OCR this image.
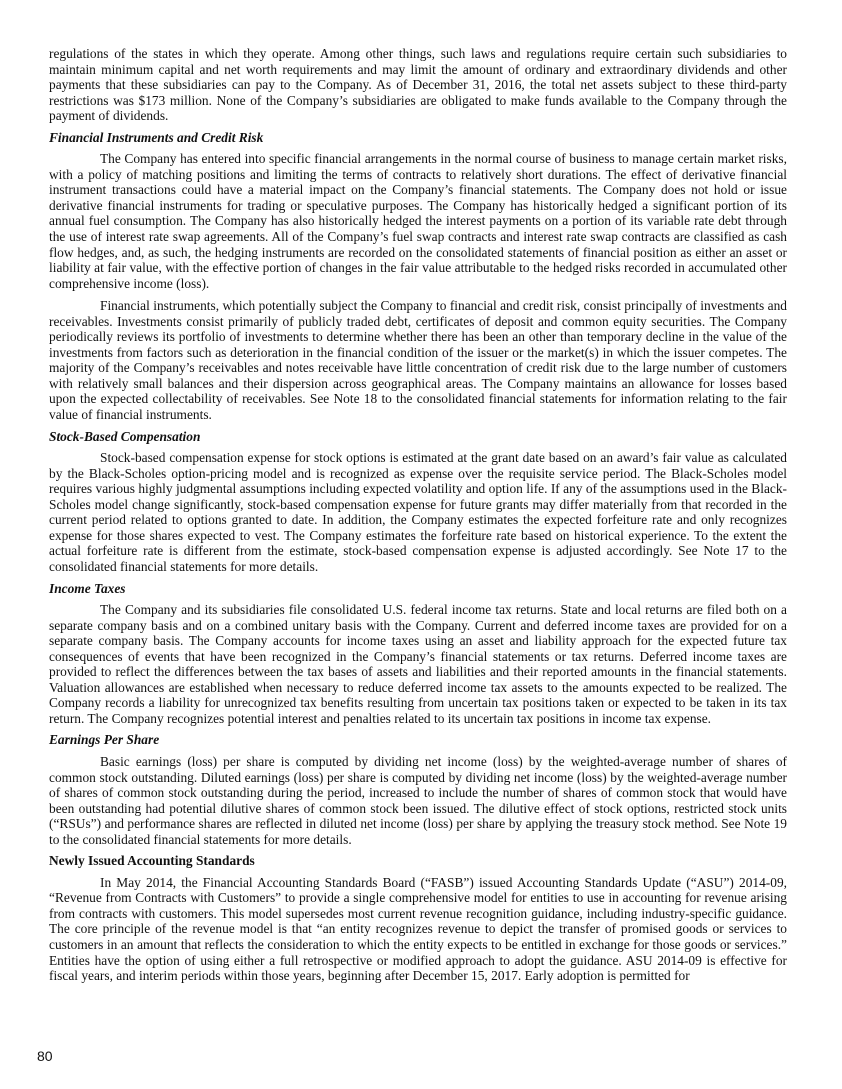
regulations of the states in which they operate. Among other things, such laws and regulations require certain such subsidiaries to maintain minimum capital and net worth requirements and may limit the amount of ordinary and extraordinary dividends and other payments that these subsidiaries can pay to the Company. As of December 31, 2016, the total net assets subject to these third-party restrictions was $173 million. None of the Company’s subsidiaries are obligated to make funds available to the Company through the payment of dividends.

Financial Instruments and Credit Risk

The Company has entered into specific financial arrangements in the normal course of business to manage certain market risks, with a policy of matching positions and limiting the terms of contracts to relatively short durations. The effect of derivative financial instrument transactions could have a material impact on the Company’s financial statements. The Company does not hold or issue derivative financial instruments for trading or speculative purposes. The Company has historically hedged a significant portion of its annual fuel consumption. The Company has also historically hedged the interest payments on a portion of its variable rate debt through the use of interest rate swap agreements. All of the Company’s fuel swap contracts and interest rate swap contracts are classified as cash flow hedges, and, as such, the hedging instruments are recorded on the consolidated statements of financial position as either an asset or liability at fair value, with the effective portion of changes in the fair value attributable to the hedged risks recorded in accumulated other comprehensive income (loss).

Financial instruments, which potentially subject the Company to financial and credit risk, consist principally of investments and receivables. Investments consist primarily of publicly traded debt, certificates of deposit and common equity securities. The Company periodically reviews its portfolio of investments to determine whether there has been an other than temporary decline in the value of the investments from factors such as deterioration in the financial condition of the issuer or the market(s) in which the issuer competes. The majority of the Company’s receivables and notes receivable have little concentration of credit risk due to the large number of customers with relatively small balances and their dispersion across geographical areas. The Company maintains an allowance for losses based upon the expected collectability of receivables. See Note 18 to the consolidated financial statements for information relating to the fair value of financial instruments.

Stock-Based Compensation

Stock-based compensation expense for stock options is estimated at the grant date based on an award’s fair value as calculated by the Black-Scholes option-pricing model and is recognized as expense over the requisite service period. The Black-Scholes model requires various highly judgmental assumptions including expected volatility and option life. If any of the assumptions used in the Black-Scholes model change significantly, stock-based compensation expense for future grants may differ materially from that recorded in the current period related to options granted to date. In addition, the Company estimates the expected forfeiture rate and only recognizes expense for those shares expected to vest. The Company estimates the forfeiture rate based on historical experience. To the extent the actual forfeiture rate is different from the estimate, stock-based compensation expense is adjusted accordingly. See Note 17 to the consolidated financial statements for more details.

Income Taxes

The Company and its subsidiaries file consolidated U.S. federal income tax returns. State and local returns are filed both on a separate company basis and on a combined unitary basis with the Company. Current and deferred income taxes are provided for on a separate company basis. The Company accounts for income taxes using an asset and liability approach for the expected future tax consequences of events that have been recognized in the Company’s financial statements or tax returns. Deferred income taxes are provided to reflect the differences between the tax bases of assets and liabilities and their reported amounts in the financial statements. Valuation allowances are established when necessary to reduce deferred income tax assets to the amounts expected to be realized. The Company records a liability for unrecognized tax benefits resulting from uncertain tax positions taken or expected to be taken in its tax return. The Company recognizes potential interest and penalties related to its uncertain tax positions in income tax expense.

Earnings Per Share

Basic earnings (loss) per share is computed by dividing net income (loss) by the weighted-average number of shares of common stock outstanding. Diluted earnings (loss) per share is computed by dividing net income (loss) by the weighted-average number of shares of common stock outstanding during the period, increased to include the number of shares of common stock that would have been outstanding had potential dilutive shares of common stock been issued. The dilutive effect of stock options, restricted stock units (“RSUs”) and performance shares are reflected in diluted net income (loss) per share by applying the treasury stock method. See Note 19 to the consolidated financial statements for more details.

Newly Issued Accounting Standards

In May 2014, the Financial Accounting Standards Board (“FASB”) issued Accounting Standards Update (“ASU”) 2014-09, “Revenue from Contracts with Customers” to provide a single comprehensive model for entities to use in accounting for revenue arising from contracts with customers. This model supersedes most current revenue recognition guidance, including industry-specific guidance. The core principle of the revenue model is that “an entity recognizes revenue to depict the transfer of promised goods or services to customers in an amount that reflects the consideration to which the entity expects to be entitled in exchange for those goods or services.” Entities have the option of using either a full retrospective or modified approach to adopt the guidance. ASU 2014-09 is effective for fiscal years, and interim periods within those years, beginning after December 15, 2017. Early adoption is permitted for

80
